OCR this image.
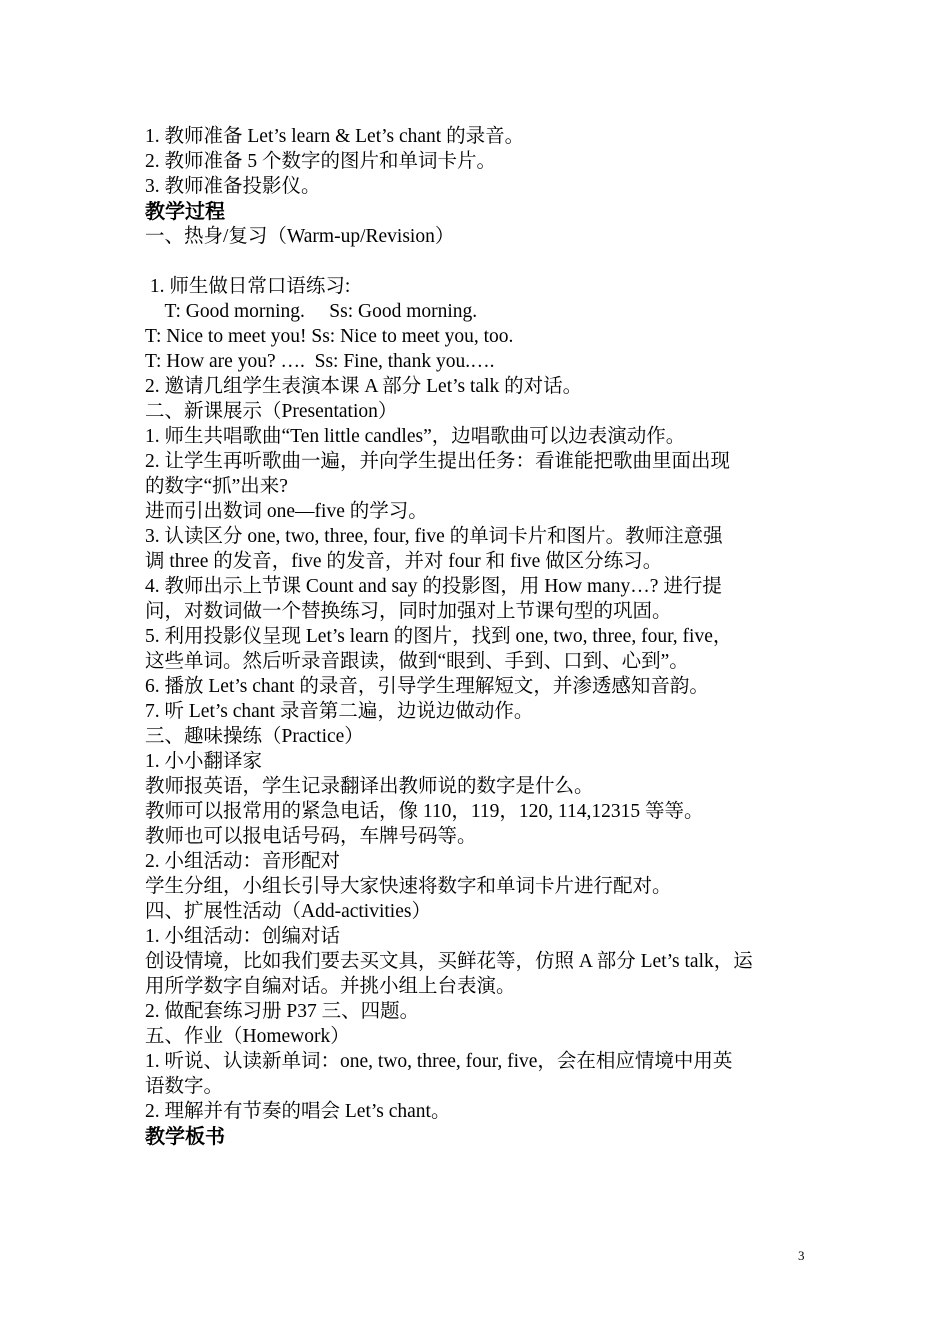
1. 教师准备 Let’s learn & Let’s chant 的录音。

2. 教师准备 5 个数字的图片和单词卡片。

3. 教师准备投影仪。

教学过程

一、热身/复习（Warm-up/Revision）

1. 师生做日常口语练习:

T: Good morning.     Ss: Good morning.

T: Nice to meet you! Ss: Nice to meet you, too.

T: How are you? ….  Ss: Fine, thank you.….

2. 邀请几组学生表演本课 A 部分 Let’s talk 的对话。

二、新课展示（Presentation）

1. 师生共唱歌曲“Ten little candles”，边唱歌曲可以边表演动作。

2. 让学生再听歌曲一遍，并向学生提出任务：看谁能把歌曲里面出现

的数字“抓”出来?

进而引出数词 one—five 的学习。

3. 认读区分 one, two, three, four, five 的单词卡片和图片。教师注意强

调 three 的发音，five 的发音，并对 four 和 five 做区分练习。

4. 教师出示上节课 Count and say 的投影图，用 How many…? 进行提

问，对数词做一个替换练习，同时加强对上节课句型的巩固。

5. 利用投影仪呈现 Let’s learn 的图片，找到 one, two, three, four, five，

这些单词。然后听录音跟读，做到“眼到、手到、口到、心到”。

6. 播放 Let’s chant 的录音，引导学生理解短文，并渗透感知音韵。

7. 听 Let’s chant 录音第二遍，边说边做动作。

三、趣味操练（Practice）

1. 小小翻译家

教师报英语，学生记录翻译出教师说的数字是什么。

教师可以报常用的紧急电话，像 110，119，120, 114,12315 等等。

教师也可以报电话号码，车牌号码等。

2. 小组活动：音形配对

学生分组，小组长引导大家快速将数字和单词卡片进行配对。

四、扩展性活动（Add-activities）

1. 小组活动：创编对话

创设情境，比如我们要去买文具，买鲜花等，仿照 A 部分 Let’s talk，运

用所学数字自编对话。并挑小组上台表演。

2. 做配套练习册 P37 三、四题。

五、作业（Homework）

1. 听说、认读新单词：one, two, three, four, five，会在相应情境中用英

语数字。

2. 理解并有节奏的唱会 Let’s chant。

教学板书

3
